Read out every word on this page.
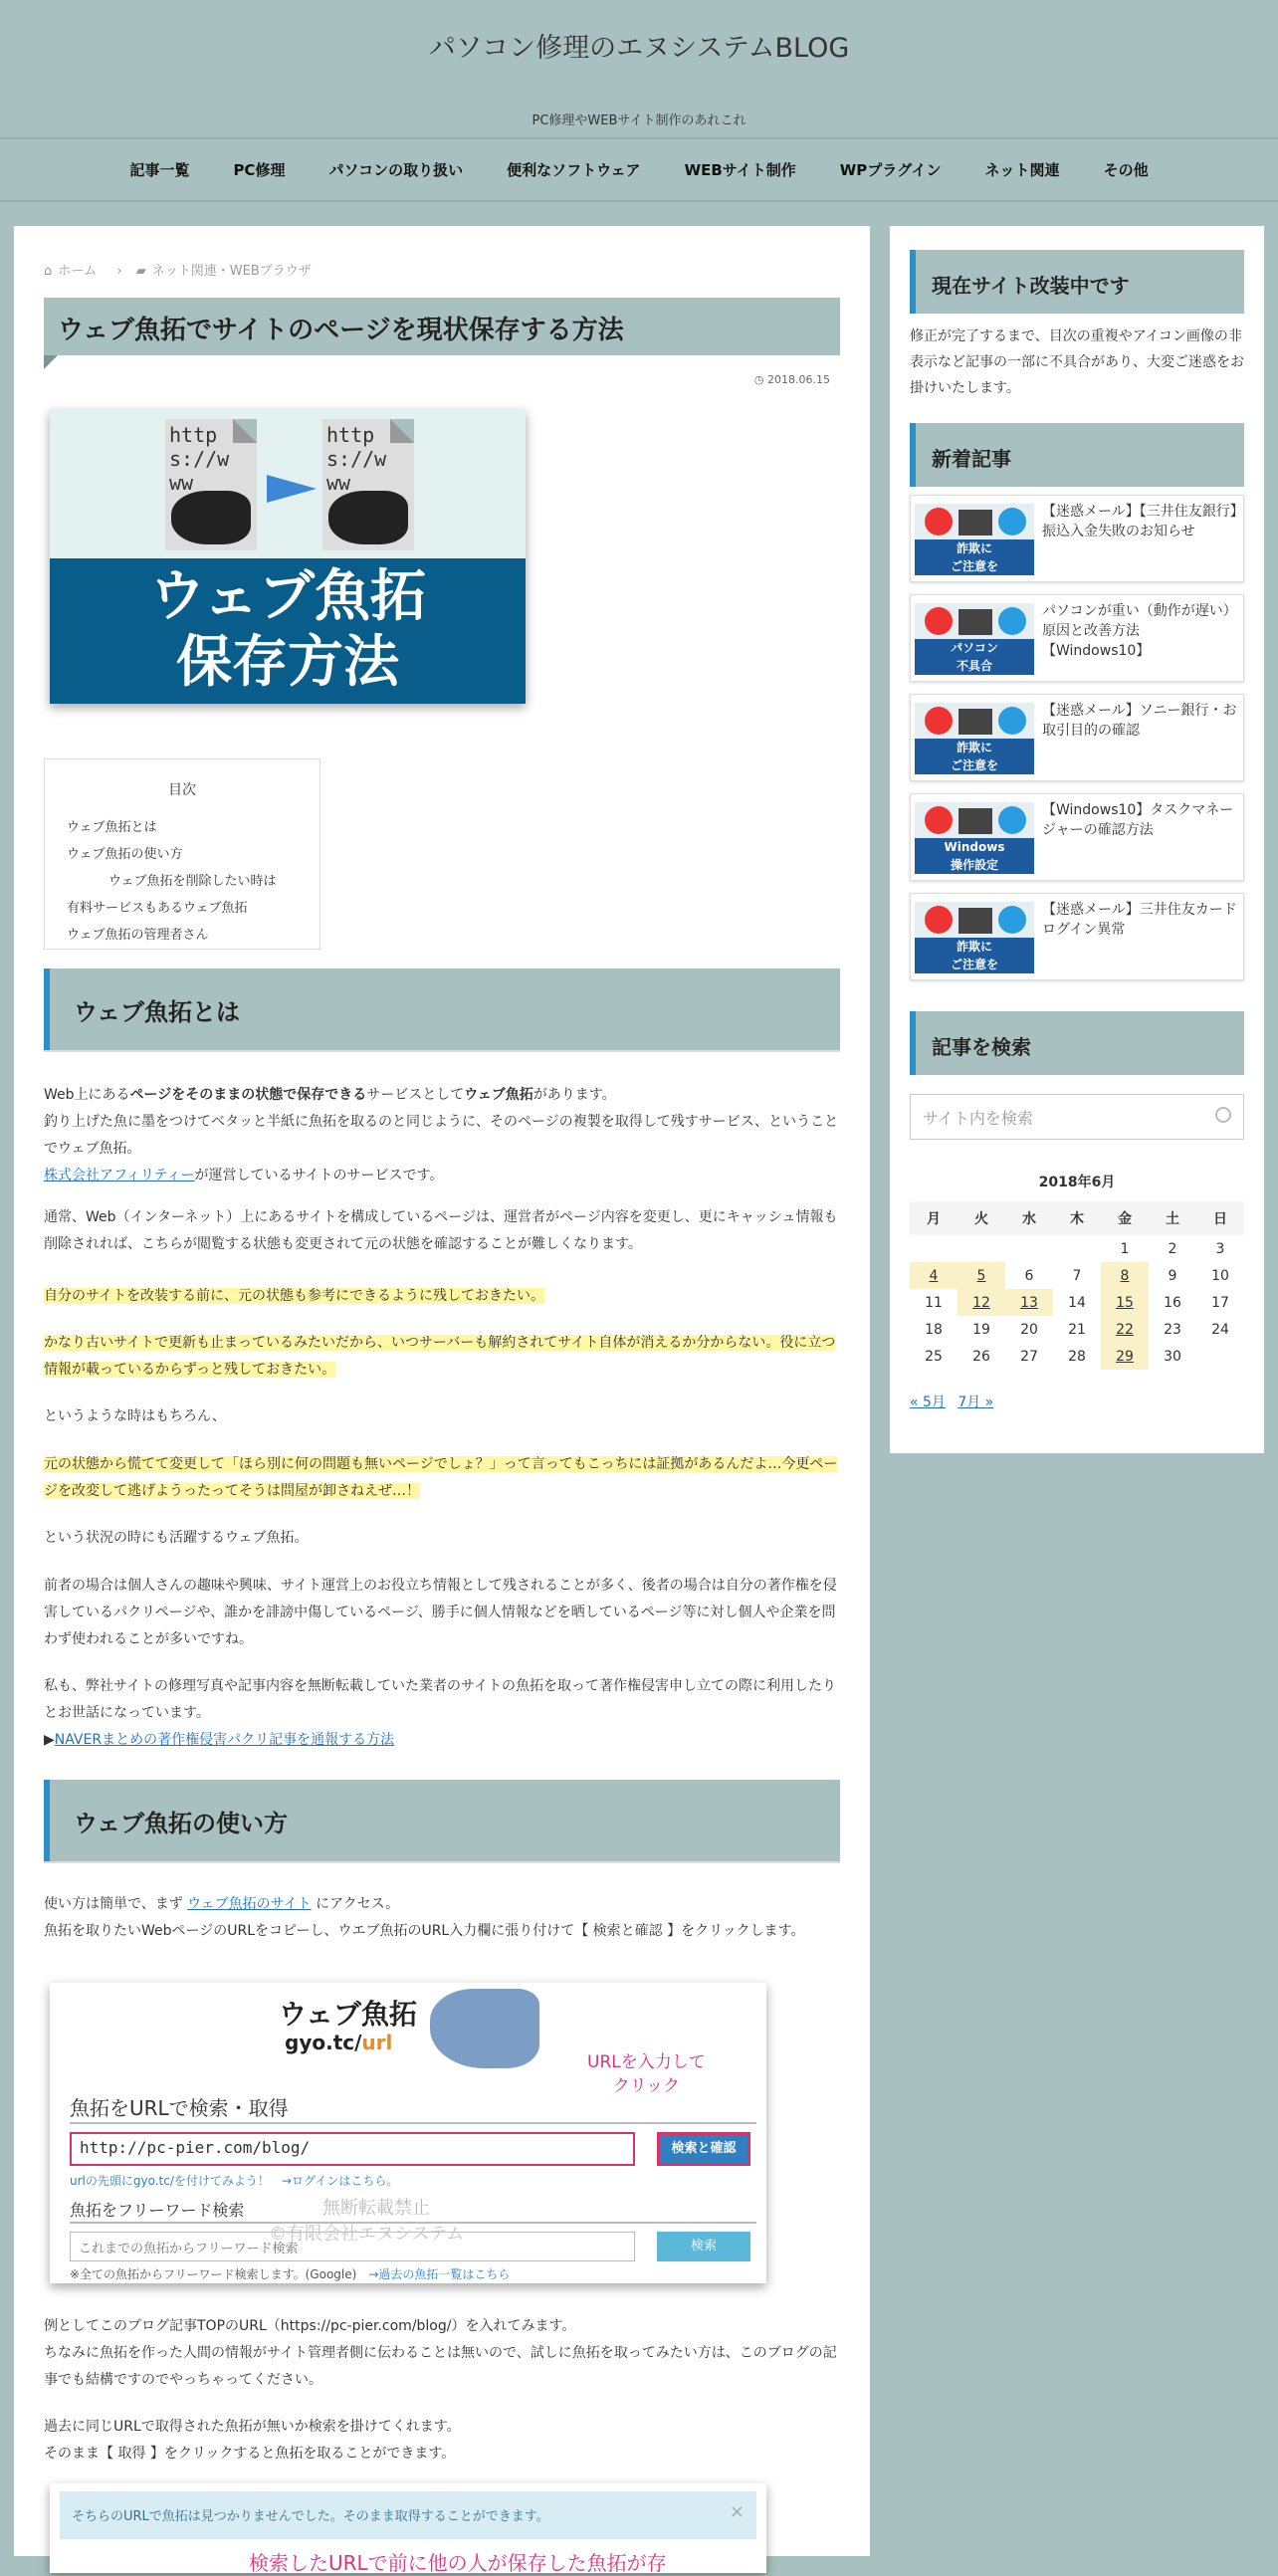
パソコン修理のエヌシステムBLOG
PC修理やWEBサイト制作のあれこれ
記事一覧	PC修理	パソコンの取り扱い	便利なソフトウェア	WEBサイト制作	WPプラグイン	ネット関連	その他
⌂ ホーム › ▰ ネット関連・WEBブラウザ
ウェブ魚拓でサイトのページを現状保存する方法
◷ 2018.06.15
https://www
https://www
ウェブ魚拓
保存方法
目次
ウェブ魚拓とは
ウェブ魚拓の使い方
ウェブ魚拓を削除したい時は
有料サービスもあるウェブ魚拓
ウェブ魚拓の管理者さん
ウェブ魚拓とは
Web上にあるページをそのままの状態で保存できるサービスとしてウェブ魚拓があります。
釣り上げた魚に墨をつけてベタッと半紙に魚拓を取るのと同じように、そのページの複製を取得して残すサービス、ということでウェブ魚拓。
株式会社アフィリティーが運営しているサイトのサービスです。
通常、Web（インターネット）上にあるサイトを構成しているページは、運営者がページ内容を変更し、更にキャッシュ情報も削除されれば、こちらが閲覧する状態も変更されて元の状態を確認することが難しくなります。
自分のサイトを改装する前に、元の状態も参考にできるように残しておきたい。
かなり古いサイトで更新も止まっているみたいだから、いつサーバーも解約されてサイト自体が消えるか分からない。役に立つ情報が載っているからずっと残しておきたい。
というような時はもちろん、
元の状態から慌てて変更して「ほら別に何の問題も無いページでしょ？」って言ってもこっちには証拠があるんだよ…今更ページを改変して逃げようったってそうは問屋が卸さねえぜ…！
という状況の時にも活躍するウェブ魚拓。
前者の場合は個人さんの趣味や興味、サイト運営上のお役立ち情報として残されることが多く、後者の場合は自分の著作権を侵害しているパクリページや、誰かを誹謗中傷しているページ、勝手に個人情報などを晒しているページ等に対し個人や企業を問わず使われることが多いですね。
私も、弊社サイトの修理写真や記事内容を無断転載していた業者のサイトの魚拓を取って著作権侵害申し立ての際に利用したりとお世話になっています。
▶NAVERまとめの著作権侵害パクリ記事を通報する方法
ウェブ魚拓の使い方
使い方は簡単で、まず ウェブ魚拓のサイト にアクセス。
魚拓を取りたいWebページのURLをコピーし、ウエブ魚拓のURL入力欄に張り付けて【 検索と確認 】をクリックします。
ウェブ魚拓
gyo.tc/url
URLを入力して
クリック
魚拓をURLで検索・取得
http://pc-pier.com/blog/	検索と確認
urlの先頭にgyo.tc/を付けてみよう！　 →ログインはこちら。
魚拓をフリーワード検索	無断転載禁止
©有限会社エヌシステム
これまでの魚拓からフリーワード検索	検索
※全ての魚拓からフリーワード検索します。(Google)　 →過去の魚拓一覧はこちら
例としてこのブログ記事TOPのURL（https://pc-pier.com/blog/）を入れてみます。
ちなみに魚拓を作った人間の情報がサイト管理者側に伝わることは無いので、試しに魚拓を取ってみたい方は、このブログの記事でも結構ですのでやっちゃってください。
過去に同じURLで取得された魚拓が無いか検索を掛けてくれます。
そのまま【 取得 】をクリックすると魚拓を取ることができます。
そちらのURLで魚拓は見つかりませんでした。そのまま取得することができます。	×
検索したURLで前に他の人が保存した魚拓が存
現在サイト改装中です
修正が完了するまで、目次の重複やアイコン画像の非表示など記事の一部に不具合があり、大変ご迷惑をお掛けいたします。
新着記事
詐欺に
ご注意を
【迷惑メール】【三井住友銀行】振込入金失敗のお知らせ
パソコン
不具合
パソコンが重い（動作が遅い）原因と改善方法【Windows10】
詐欺に
ご注意を
【迷惑メール】ソニー銀行・お取引目的の確認
Windows
操作設定
【Windows10】タスクマネージャーの確認方法
詐欺に
ご注意を
【迷惑メール】三井住友カードログイン異常
記事を検索
サイト内を検索
2018年6月
月	火	水	木	金	土	日
				1	2	3
4	5	6	7	8	9	10
11	12	13	14	15	16	17
18	19	20	21	22	23	24
25	26	27	28	29	30	
« 5月 7月 »
